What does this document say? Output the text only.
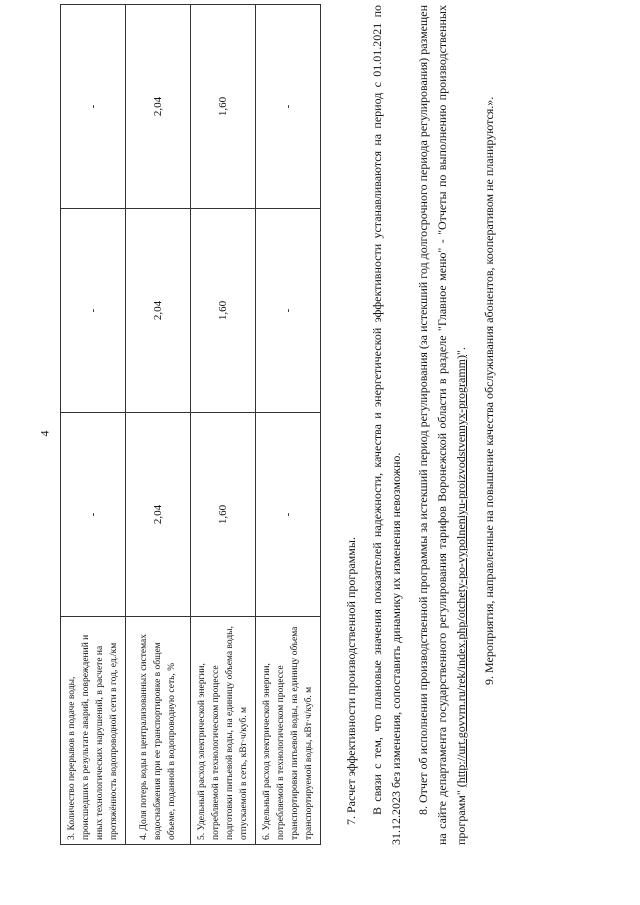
4
3. Количество перерывов в подаче воды, происшедших в результате аварий, повреждений и иных технологических нарушений, в расчете на протяжённость водопроводной сети в год, ед./км	-	-	-
4. Доля потерь воды в централизованных системах водоснабжения при ее транспортировке в общем объеме, поданной в водопроводную сеть, %	2,04	2,04	2,04
5. Удельный расход электрической энергии, потребляемой в технологическом процессе подготовки питьевой воды, на единицу объема воды, отпускаемой в сеть, кВт·ч/куб. м	1,60	1,60	1,60
6. Удельный расход электрической энергии, потребляемой в технологическом процессе транспортировки питьевой воды, на единицу объема транспортируемой воды, кВт·ч/куб. м	-	-	-
7. Расчет эффективности производственной программы. В связи с тем, что плановые значения показателей надежности, качества и энергетической эффективности устанавливаются на период с 01.01.2021 по 31.12.2023 без изменения, сопоставить динамику их изменения невозможно. 8. Отчет об исполнении производственной программы за истекший период регулирования (за истекший год долгосрочного периода регулирования) размещен на сайте департамента государственного регулирования тарифов Воронежской области в разделе "Главное меню" - "Отчеты по выполнению производственных программ" (http://urt.govvrn.ru/rek/index.php/otchety-po-vypolneniyu-proizvodstvennyx-programm)". 9. Мероприятия, направленные на повышение качества обслуживания абонентов, кооперативом не планируются.».
